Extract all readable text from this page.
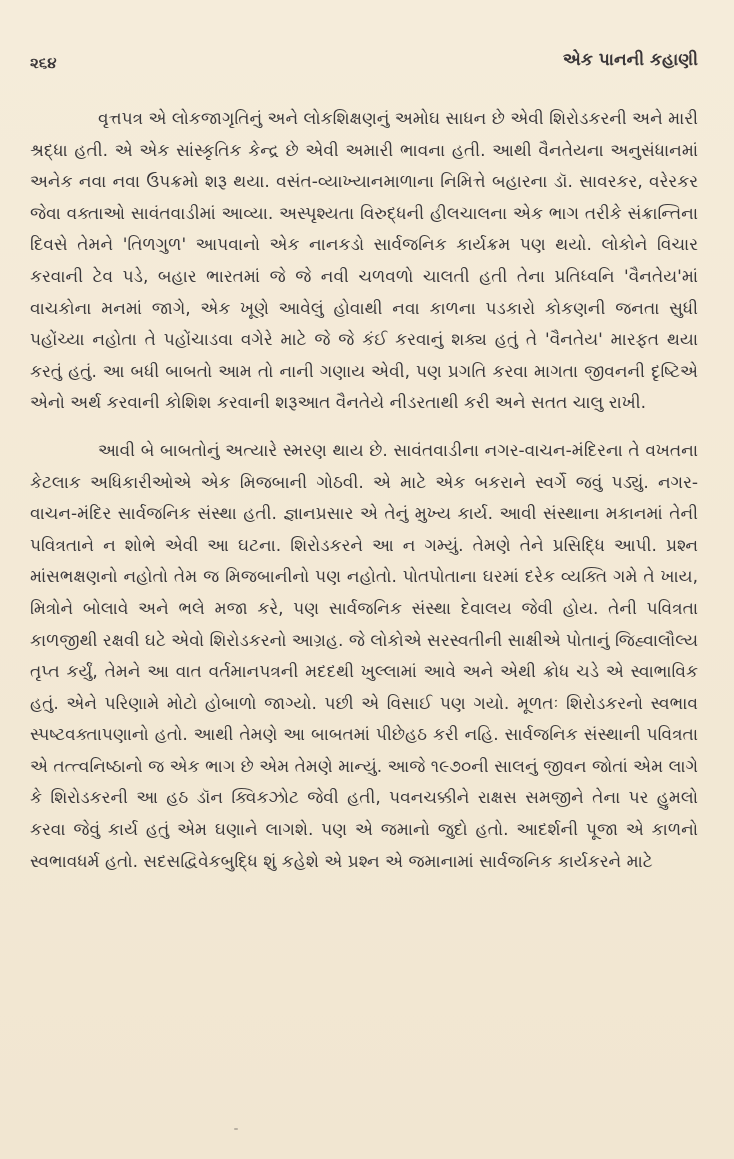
૨૬૪	એક પાનની કહાણી

વૃત્તપત્ર એ લોકજાગૃતિનું અને લોકશિક્ષણનું અમોઘ સાધન છે એવી શિરોડકરની અને મારી શ્રદ્ધા હતી. એ એક સાંસ્કૃતિક કેન્દ્ર છે એવી અમારી ભાવના હતી. આથી વૈનતેયના અનુસંધાનમાં અનેક નવા નવા ઉપક્રમો શરૂ થયા. વસંત-વ્યાખ્યાનમાળાના નિમિત્તે બહારના ડૉ. સાવરકર, વરેરકર જેવા વક્તાઓ સાવંતવાડીમાં આવ્યા. અસ્પૃશ્યતા વિરુદ્ધની હીલચાલના એક ભાગ તરીકે સંક્રાન્તિના દિવસે તેમને 'તિળગુળ' આપવાનો એક નાનકડો સાર્વજનિક કાર્યક્રમ પણ થયો. લોકોને વિચાર કરવાની ટેવ પડે, બહાર ભારતમાં જે જે નવી ચળવળો ચાલતી હતી તેના પ્રતિધ્વનિ 'વૈનતેય'માં વાચકોના મનમાં જાગે, એક ખૂણે આવેલું હોવાથી નવા કાળના પડકારો કોકણની જનતા સુધી પહોંચ્યા નહોતા તે પહોંચાડવા વગેરે માટે જે જે કંઈ કરવાનું શક્ય હતું તે 'વૈનતેય' મારફત થયા કરતું હતું. આ બધી બાબતો આમ તો નાની ગણાય એવી, પણ પ્રગતિ કરવા માગતા જીવનની દૃષ્ટિએ એનો અર્થ કરવાની કોશિશ કરવાની શરૂઆત વૈનતેયે નીડરતાથી કરી અને સતત ચાલુ રાખી.

આવી બે બાબતોનું અત્યારે સ્મરણ થાય છે. સાવંતવાડીના નગર-વાચન-મંદિરના તે વખતના કેટલાક અધિકારીઓએ એક મિજબાની ગોઠવી. એ માટે એક બકરાને સ્વર્ગે જવું પડ્યું. નગર-વાચન-મંદિર સાર્વજનિક સંસ્થા હતી. જ્ઞાનપ્રસાર એ તેનું મુખ્ય કાર્ય. આવી સંસ્થાના મકાનમાં તેની પવિત્રતાને ન શોભે એવી આ ઘટના. શિરોડકરને આ ન ગમ્યું. તેમણે તેને પ્રસિદ્ધિ આપી. પ્રશ્ન માંસભક્ષણનો નહોતો તેમ જ મિજબાનીનો પણ નહોતો. પોતપોતાના ઘરમાં દરેક વ્યક્તિ ગમે તે ખાય, મિત્રોને બોલાવે અને ભલે મજા કરે, પણ સાર્વજનિક સંસ્થા દેવાલય જેવી હોય. તેની પવિત્રતા કાળજીથી રક્ષવી ઘટે એવો શિરોડકરનો આગ્રહ. જે લોકોએ સરસ્વતીની સાક્ષીએ પોતાનું જિહ્વાલૌલ્ય તૃપ્ત કર્યું, તેમને આ વાત વર્તમાનપત્રની મદદથી ખુલ્લામાં આવે અને એથી ક્રોધ ચડે એ સ્વાભાવિક હતું. એને પરિણામે મોટો હોબાળો જાગ્યો. પછી એ વિસાઈ પણ ગયો. મૂળતઃ શિરોડકરનો સ્વભાવ સ્પષ્ટવક્તાપણાનો હતો. આથી તેમણે આ બાબતમાં પીછેહઠ કરી નહિ. સાર્વજનિક સંસ્થાની પવિત્રતા એ તત્ત્વનિષ્ઠાનો જ એક ભાગ છે એમ તેમણે માન્યું. આજે ૧૯૭૦ની સાલનું જીવન જોતાં એમ લાગે કે શિરોડકરની આ હઠ ડૉન ક્વિકઝોટ જેવી હતી, પવનચક્કીને રાક્ષસ સમજીને તેના પર હુમલો કરવા જેવું કાર્ય હતું એમ ઘણાને લાગશે. પણ એ જમાનો જુદો હતો. આદર્શની પૂજા એ કાળનો સ્વભાવધર્મ હતો. સદસદ્વિવેકબુદ્ધિ શું કહેશે એ પ્રશ્ન એ જમાનામાં સાર્વજનિક કાર્યકરને માટે
